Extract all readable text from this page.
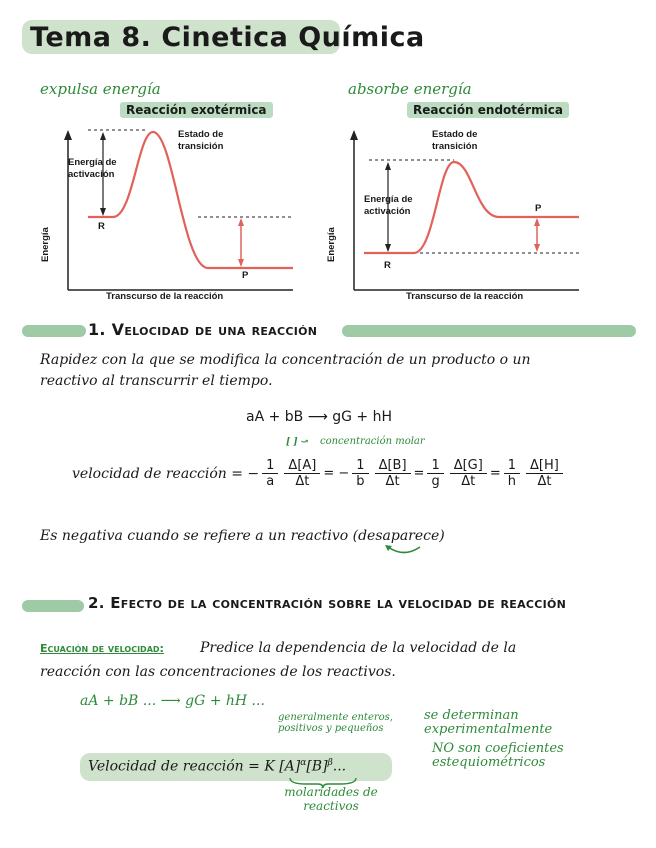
Tema 8. Cinetica Química
expulsa energía
Reacción exotérmica
Estado de transición
Energía de activación
R
P
Energía
Transcurso de la reacción
absorbe energía
Reacción endotérmica
Estado de transición
Energía de activación
R
P
Energía
Transcurso de la reacción
1. Velocidad de una reacción
Rapidez con la que se modifica la concentración de un producto o un
reactivo al transcurrir el tiempo.
aA + bB ⟶ gG + hH
[ ] ⤻ concentración molar
velocidad de reacción = − $\frac{1}{a} \frac{\Delta[A]}{\Delta t}$ = − $\frac{1}{b} \frac{\Delta[B]}{\Delta t} = \frac{1}{g} \frac{\Delta[G]}{\Delta t} = \frac{1}{h} \frac{\Delta[H]}{\Delta t}$
Es negativa cuando se refiere a un reactivo (desaparece)
2. Efecto de la concentración sobre la velocidad de reacción
Ecuación de velocidad:	Predice la dependencia de la velocidad de la
reacción con las concentraciones de los reactivos.
aA + bB ... ⟶ gG + hH ...
generalmente enteros,
positivos y pequeños
se determinan
experimentalmente
NO son coeficientes
estequiométricos
Velocidad de reacción = K $[A]^\alpha[B]^\beta$...
molaridades de
reactivos
